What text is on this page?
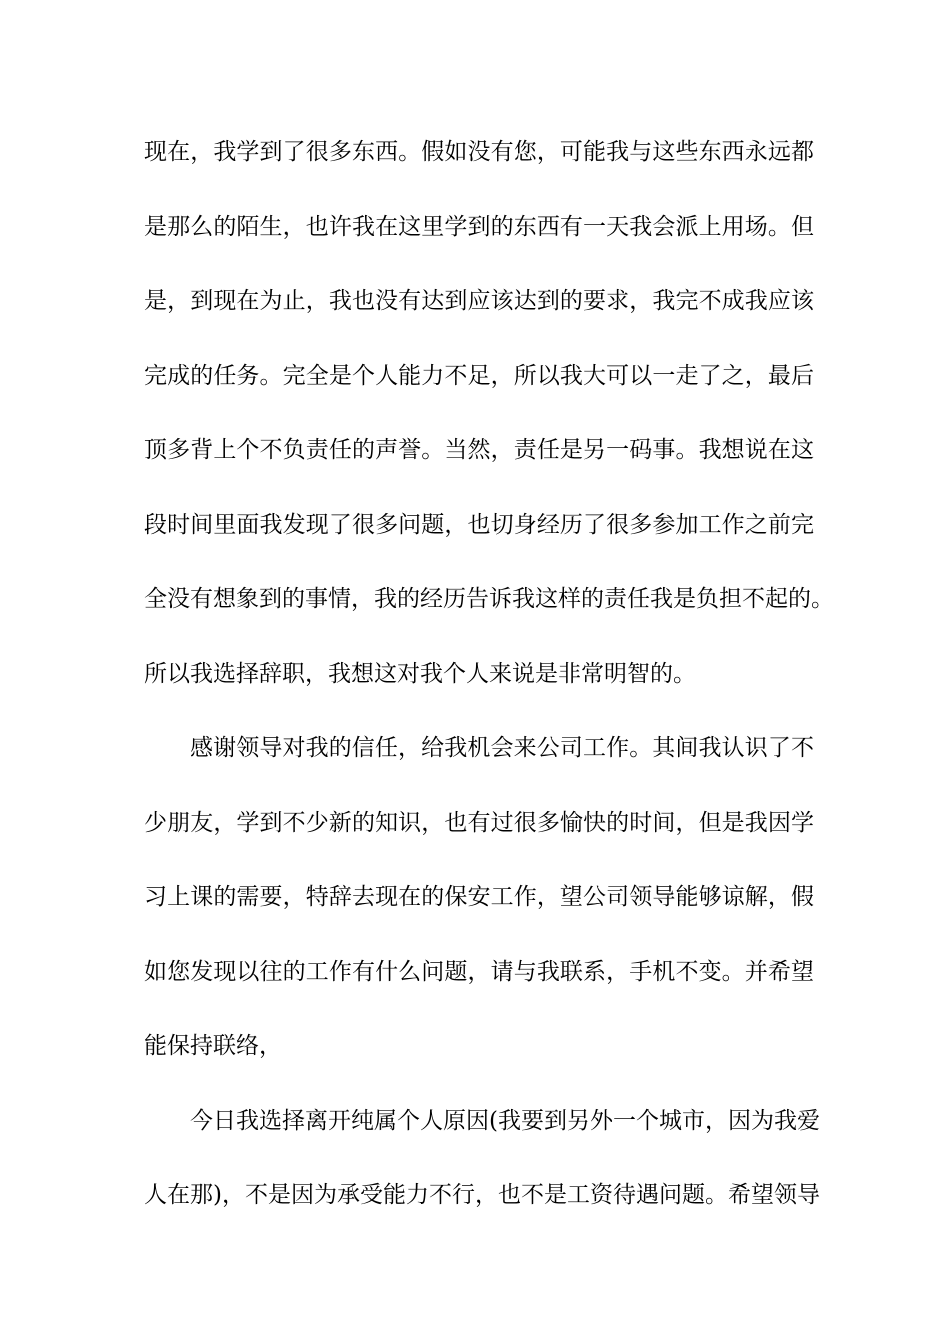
现在，我学到了很多东西。假如没有您，可能我与这些东西永远都
是那么的陌生，也许我在这里学到的东西有一天我会派上用场。但
是，到现在为止，我也没有达到应该达到的要求，我完不成我应该
完成的任务。完全是个人能力不足，所以我大可以一走了之，最后
顶多背上个不负责任的声誉。当然，责任是另一码事。我想说在这
段时间里面我发现了很多问题，也切身经历了很多参加工作之前完
全没有想象到的事情，我的经历告诉我这样的责任我是负担不起的。
所以我选择辞职，我想这对我个人来说是非常明智的。
感谢领导对我的信任，给我机会来公司工作。其间我认识了不
少朋友，学到不少新的知识，也有过很多愉快的时间，但是我因学
习上课的需要，特辞去现在的保安工作，望公司领导能够谅解，假
如您发现以往的工作有什么问题，请与我联系，手机不变。并希望
能保持联络，
今日我选择离开纯属个人原因(我要到另外一个城市，因为我爱
人在那)，不是因为承受能力不行，也不是工资待遇问题。希望领导
